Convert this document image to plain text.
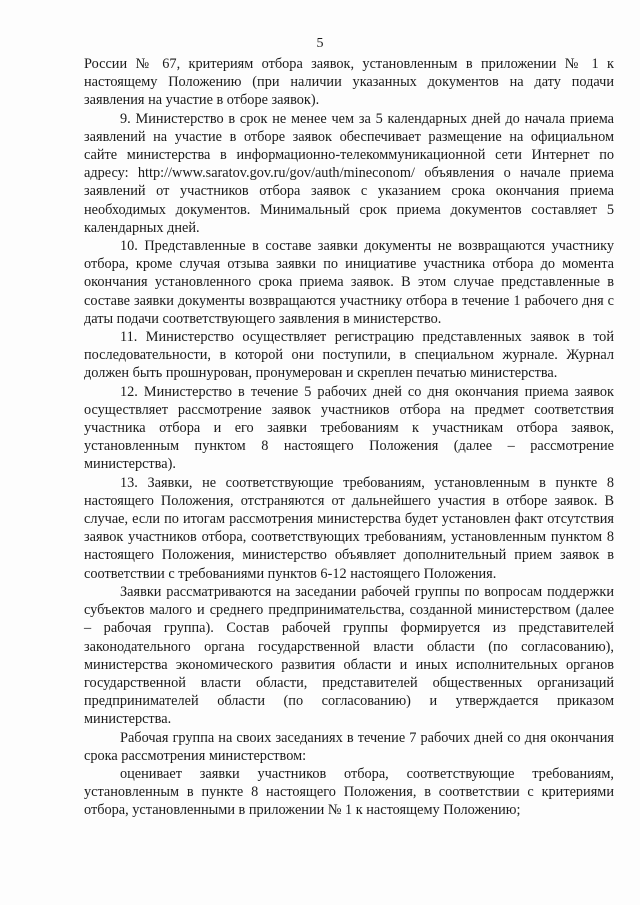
5

России № 67, критериям отбора заявок, установленным в приложении № 1 к настоящему Положению (при наличии указанных документов на дату подачи заявления на участие в отборе заявок).

9. Министерство в срок не менее чем за 5 календарных дней до начала приема заявлений на участие в отборе заявок обеспечивает размещение на официальном сайте министерства в информационно-телекоммуникационной сети Интернет по адресу: http://www.saratov.gov.ru/gov/auth/mineconom/ объявления о начале приема заявлений от участников отбора заявок с указанием срока окончания приема необходимых документов. Минимальный срок приема документов составляет 5 календарных дней.

10. Представленные в составе заявки документы не возвращаются участнику отбора, кроме случая отзыва заявки по инициативе участника отбора до момента окончания установленного срока приема заявок. В этом случае представленные в составе заявки документы возвращаются участнику отбора в течение 1 рабочего дня с даты подачи соответствующего заявления в министерство.

11. Министерство осуществляет регистрацию представленных заявок в той последовательности, в которой они поступили, в специальном журнале. Журнал должен быть прошнурован, пронумерован и скреплен печатью министерства.

12. Министерство в течение 5 рабочих дней со дня окончания приема заявок осуществляет рассмотрение заявок участников отбора на предмет соответствия участника отбора и его заявки требованиям к участникам отбора заявок, установленным пунктом 8 настоящего Положения (далее – рассмотрение министерства).

13. Заявки, не соответствующие требованиям, установленным в пункте 8 настоящего Положения, отстраняются от дальнейшего участия в отборе заявок. В случае, если по итогам рассмотрения министерства будет установлен факт отсутствия заявок участников отбора, соответствующих требованиям, установленным пунктом 8 настоящего Положения, министерство объявляет дополнительный прием заявок в соответствии с требованиями пунктов 6-12 настоящего Положения.

Заявки рассматриваются на заседании рабочей группы по вопросам поддержки субъектов малого и среднего предпринимательства, созданной министерством (далее – рабочая группа). Состав рабочей группы формируется из представителей законодательного органа государственной власти области (по согласованию), министерства экономического развития области и иных исполнительных органов государственной власти области, представителей общественных организаций предпринимателей области (по согласованию) и утверждается приказом министерства.

Рабочая группа на своих заседаниях в течение 7 рабочих дней со дня окончания срока рассмотрения министерством:

оценивает заявки участников отбора, соответствующие требованиям, установленным в пункте 8 настоящего Положения, в соответствии с критериями отбора, установленными в приложении № 1 к настоящему Положению;
